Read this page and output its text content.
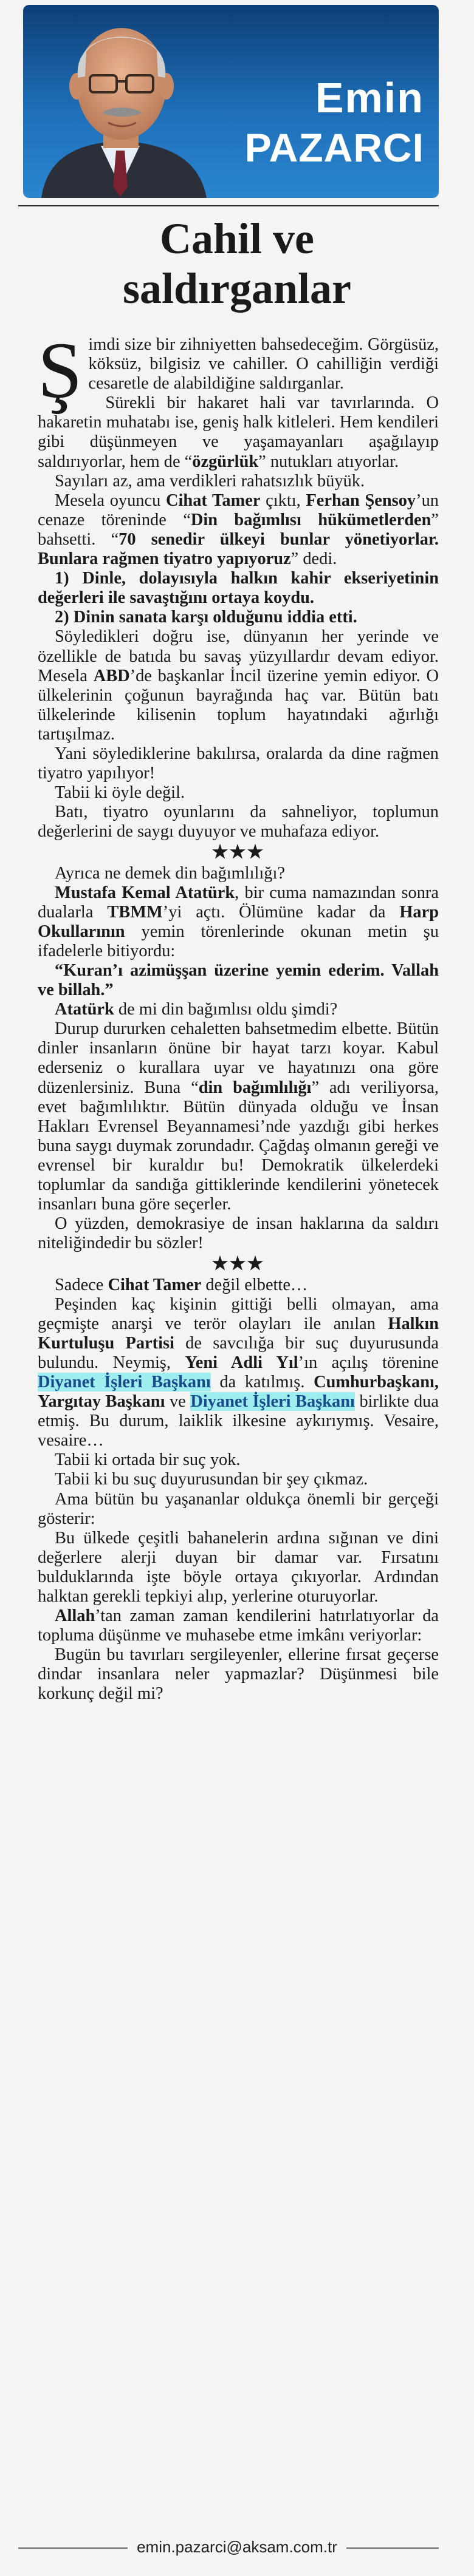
Emin
PAZARCI
Cahil ve
saldırganlar

Şimdi size bir zihniyetten bahsedeceğim. Görgüsüz, köksüz, bilgisiz ve cahiller. O cahilliğin verdiği cesaretle de alabildiğine saldırganlar.

Sürekli bir hakaret hali var tavırlarında. O hakaretin muhatabı ise, geniş halk kitleleri. Hem kendileri gibi düşünmeyen ve yaşamayanları aşağılayıp saldırıyorlar, hem de “özgürlük” nutukları atıyorlar.

Sayıları az, ama verdikleri rahatsızlık büyük.

Mesela oyuncu Cihat Tamer çıktı, Ferhan Şensoy’un cenaze töreninde “Din bağımlısı hükümetlerden” bahsetti. “70 senedir ülkeyi bunlar yönetiyorlar. Bunlara rağmen tiyatro yapıyoruz” dedi.

1) Dinle, dolayısıyla halkın kahir ekseriyetinin değerleri ile savaştığını ortaya koydu.

2) Dinin sanata karşı olduğunu iddia etti.

Söyledikleri doğru ise, dünyanın her yerinde ve özellikle de batıda bu savaş yüzyıllardır devam ediyor. Mesela ABD’de başkanlar İncil üzerine yemin ediyor. O ülkelerinin çoğunun bayrağında haç var. Bütün batı ülkelerinde kilisenin toplum hayatındaki ağırlığı tartışılmaz.

Yani söylediklerine bakılırsa, oralarda da dine rağmen tiyatro yapılıyor!

Tabii ki öyle değil.

Batı, tiyatro oyunlarını da sahneliyor, toplumun değerlerini de saygı duyuyor ve muhafaza ediyor.

★★★

Ayrıca ne demek din bağımlılığı?

Mustafa Kemal Atatürk, bir cuma namazından sonra dualarla TBMM’yi açtı. Ölümüne kadar da Harp Okullarının yemin törenlerinde okunan metin şu ifadelerle bitiyordu:

“Kuran’ı azimüşşan üzerine yemin ederim. Vallah ve billah.”

Atatürk de mi din bağımlısı oldu şimdi?

Durup dururken cehaletten bahsetmedim elbette. Bütün dinler insanların önüne bir hayat tarzı koyar. Kabul ederseniz o kurallara uyar ve hayatınızı ona göre düzenlersiniz. Buna “din bağımlılığı” adı veriliyorsa, evet bağımlılıktır. Bütün dünyada olduğu ve İnsan Hakları Evrensel Beyannamesi’nde yazdığı gibi herkes buna saygı duymak zorundadır. Çağdaş olmanın gereği ve evrensel bir kuraldır bu! Demokratik ülkelerdeki toplumlar da sandığa gittiklerinde kendilerini yönetecek insanları buna göre seçerler.

O yüzden, demokrasiye de insan haklarına da saldırı niteliğindedir bu sözler!

★★★

Sadece Cihat Tamer değil elbette…

Peşinden kaç kişinin gittiği belli olmayan, ama geçmişte anarşi ve terör olayları ile anılan Halkın Kurtuluşu Partisi de savcılığa bir suç duyurusunda bulundu. Neymiş, Yeni Adli Yıl’ın açılış törenine Diyanet İşleri Başkanı da katılmış. Cumhurbaşkanı, Yargıtay Başkanı ve Diyanet İşleri Başkanı birlikte dua etmiş. Bu durum, laiklik ilkesine aykırıymış. Vesaire, vesaire…

Tabii ki ortada bir suç yok.

Tabii ki bu suç duyurusundan bir şey çıkmaz.

Ama bütün bu yaşananlar oldukça önemli bir gerçeği gösterir:

Bu ülkede çeşitli bahanelerin ardına sığınan ve dini değerlere alerji duyan bir damar var. Fırsatını bulduklarında işte böyle ortaya çıkıyorlar. Ardından halktan gerekli tepkiyi alıp, yerlerine oturuyorlar.

Allah’tan zaman zaman kendilerini hatırlatıyorlar da topluma düşünme ve muhasebe etme imkânı veriyorlar:

Bugün bu tavırları sergileyenler, ellerine fırsat geçerse dindar insanlara neler yapmazlar? Düşünmesi bile korkunç değil mi?

emin.pazarci@aksam.com.tr
